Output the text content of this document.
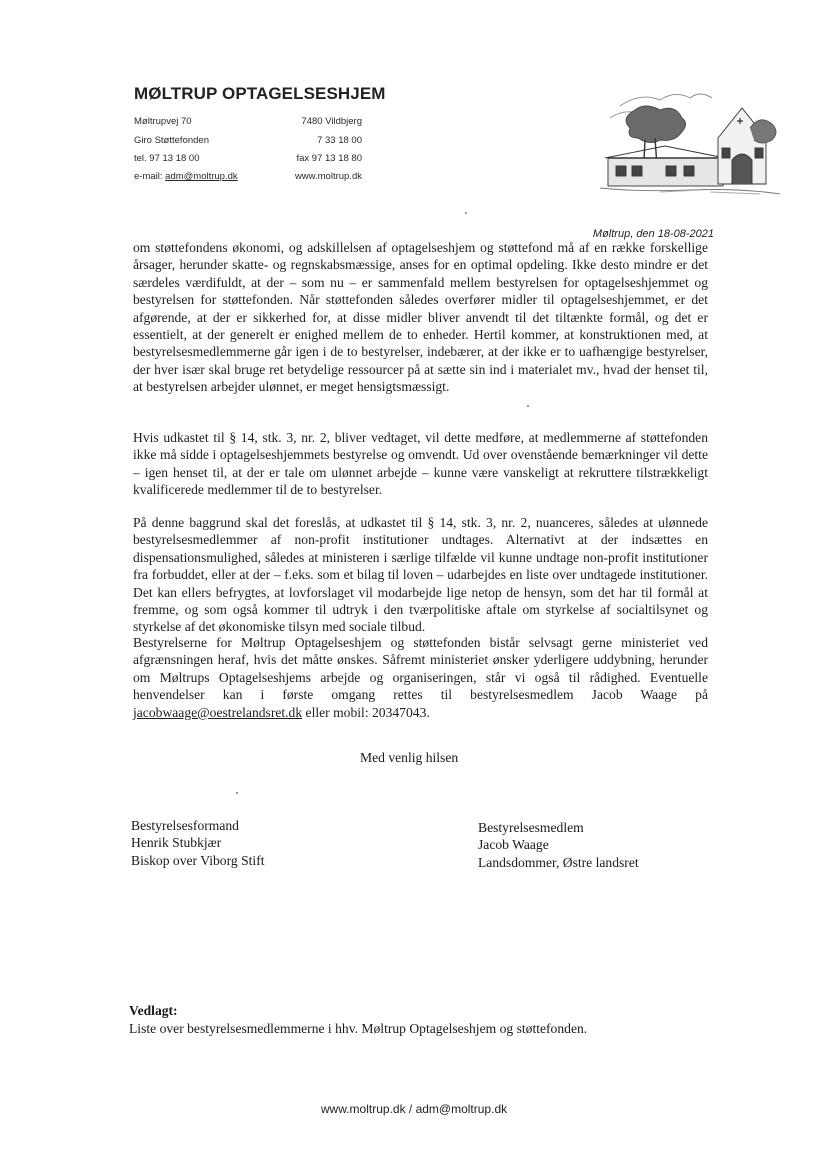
MØLTRUP OPTAGELSESHJEM
Møltrupvej 70	7480 Vildbjerg
Giro Støttefonden	7 33 18 00
tel. 97 13 18 00	fax 97 13 18 80
e-mail: adm@moltrup.dk	www.moltrup.dk
Møltrup, den 18-08-2021

om støttefondens økonomi, og adskillelsen af optagelseshjem og støttefond må af en række forskellige årsager, herunder skatte- og regnskabsmæssige, anses for en optimal opdeling. Ikke desto mindre er det særdeles værdifuldt, at der – som nu – er sammenfald mellem bestyrelsen for optagelseshjemmet og bestyrelsen for støttefonden. Når støttefonden således overfører midler til optagelseshjemmet, er det afgørende, at der er sikkerhed for, at disse midler bliver anvendt til det tiltænkte formål, og det er essentielt, at der generelt er enighed mellem de to enheder. Hertil kommer, at konstruktionen med, at bestyrelsesmedlemmerne går igen i de to bestyrelser, indebærer, at der ikke er to uafhængige bestyrelser, der hver især skal bruge ret betydelige ressourcer på at sætte sin ind i materialet mv., hvad der henset til, at bestyrelsen arbejder ulønnet, er meget hensigtsmæssigt.

Hvis udkastet til § 14, stk. 3, nr. 2, bliver vedtaget, vil dette medføre, at medlemmerne af støttefonden ikke må sidde i optagelseshjemmets bestyrelse og omvendt. Ud over ovenstående bemærkninger vil dette – igen henset til, at der er tale om ulønnet arbejde – kunne være vanskeligt at rekruttere tilstrækkeligt kvalificerede medlemmer til de to bestyrelser.

På denne baggrund skal det foreslås, at udkastet til § 14, stk. 3, nr. 2, nuanceres, således at ulønnede bestyrelsesmedlemmer af non-profit institutioner undtages. Alternativt at der indsættes en dispensationsmulighed, således at ministeren i særlige tilfælde vil kunne undtage non-profit institutioner fra forbuddet, eller at der – f.eks. som et bilag til loven – udarbejdes en liste over undtagede institutioner. Det kan ellers befrygtes, at lovforslaget vil modarbejde lige netop de hensyn, som det har til formål at fremme, og som også kommer til udtryk i den tværpolitiske aftale om styrkelse af socialtilsynet og styrkelse af det økonomiske tilsyn med sociale tilbud.

Bestyrelserne for Møltrup Optagelseshjem og støttefonden bistår selvsagt gerne ministeriet ved afgrænsningen heraf, hvis det måtte ønskes. Såfremt ministeriet ønsker yderligere uddybning, herunder om Møltrups Optagelseshjems arbejde og organiseringen, står vi også til rådighed. Eventuelle henvendelser kan i første omgang rettes til bestyrelsesmedlem Jacob Waage på jacobwaage@oestrelandsret.dk eller mobil: 20347043.

Med venlig hilsen
Bestyrelsesformand
Henrik Stubkjær
Biskop over Viborg Stift
Bestyrelsesmedlem
Jacob Waage
Landsdommer, Østre landsret
Vedlagt:
Liste over bestyrelsesmedlemmerne i hhv. Møltrup Optagelseshjem og støttefonden.
www.moltrup.dk / adm@moltrup.dk
